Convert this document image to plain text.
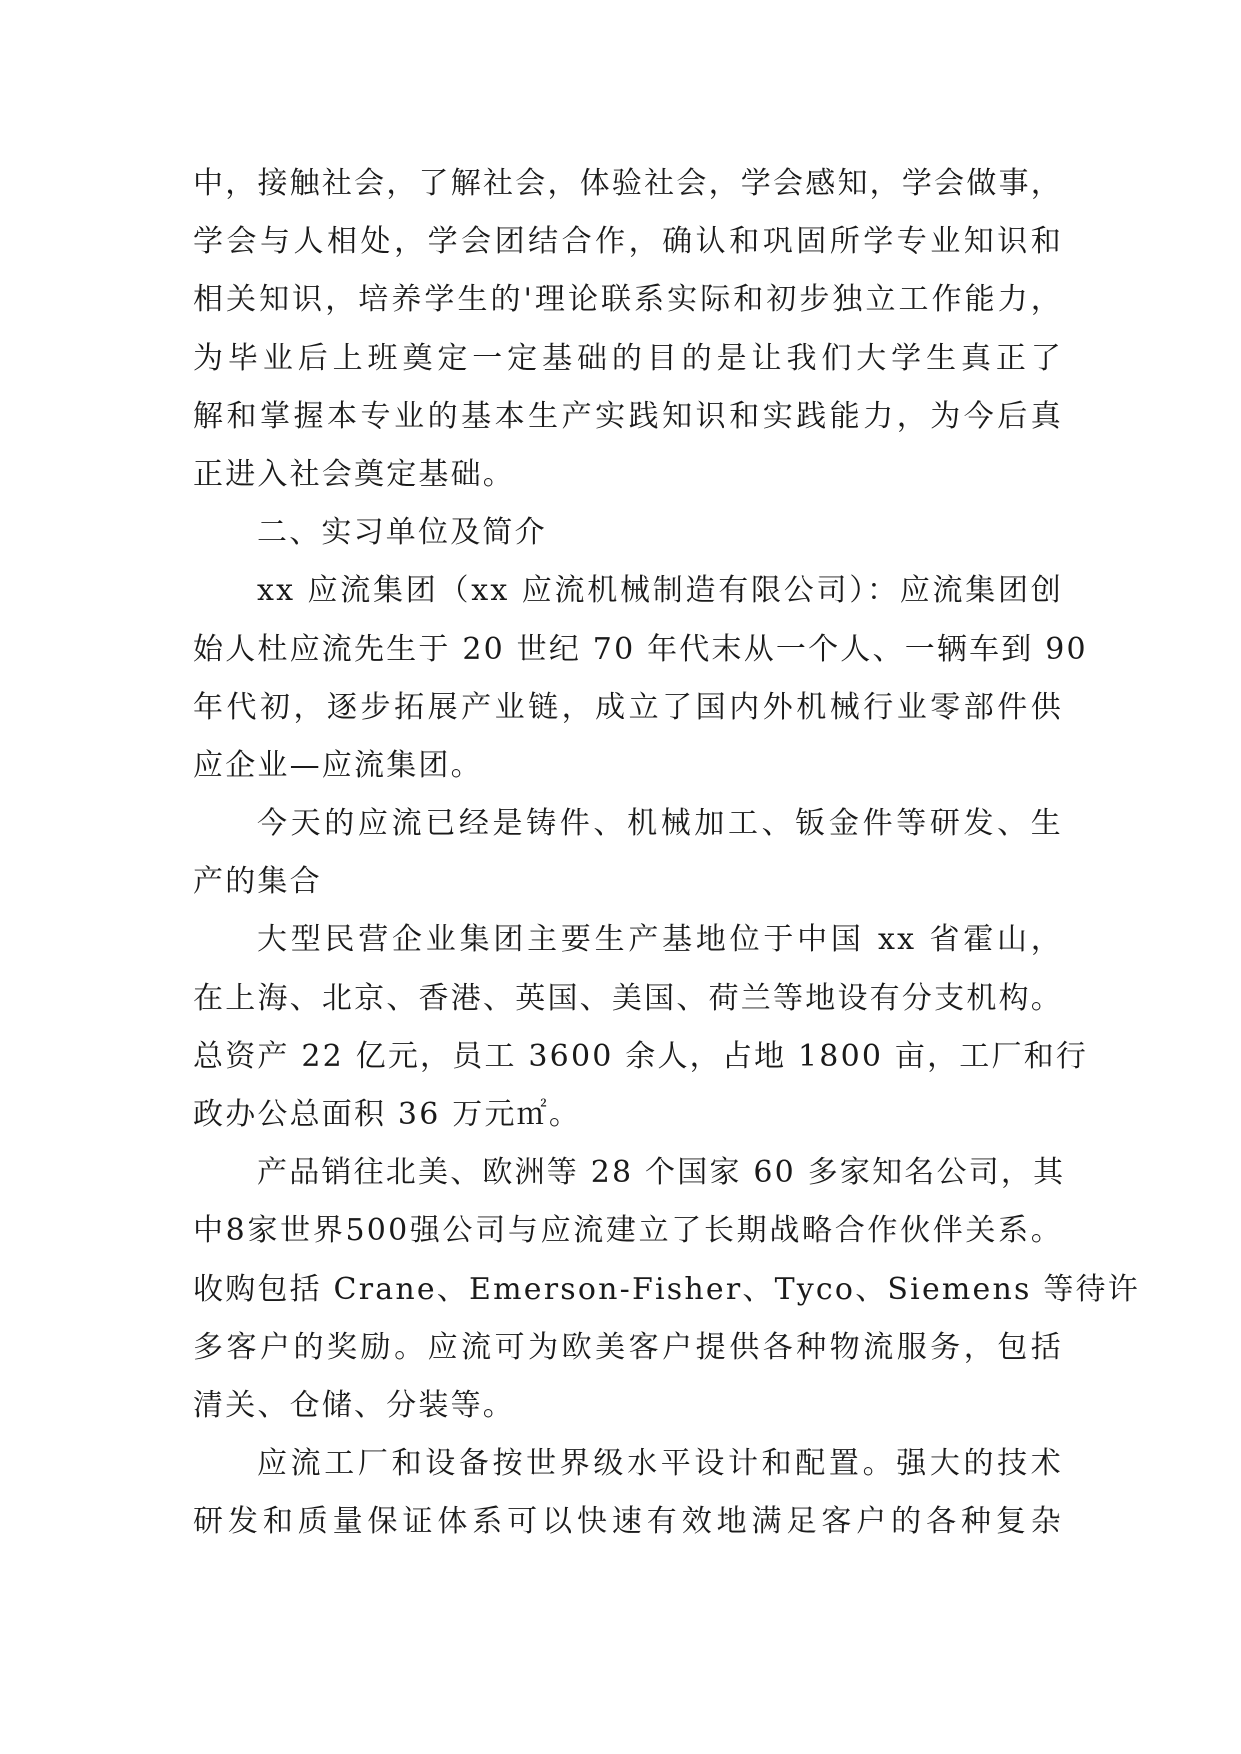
中，接触社会，了解社会，体验社会，学会感知，学会做事，
学会与人相处，学会团结合作，确认和巩固所学专业知识和
相关知识，培养学生的'理论联系实际和初步独立工作能力，
为毕业后上班奠定一定基础的目的是让我们大学生真正了
解和掌握本专业的基本生产实践知识和实践能力，为今后真
正进入社会奠定基础。
二、实习单位及简介
xx 应流集团（xx 应流机械制造有限公司）：应流集团创
始人杜应流先生于 20 世纪 70 年代末从一个人、一辆车到 90
年代初，逐步拓展产业链，成立了国内外机械行业零部件供
应企业—应流集团。
今天的应流已经是铸件、机械加工、钣金件等研发、生
产的集合
大型民营企业集团主要生产基地位于中国 xx 省霍山，
在上海、北京、香港、英国、美国、荷兰等地设有分支机构。
总资产 22 亿元，员工 3600 余人，占地 1800 亩，工厂和行
政办公总面积 36 万元㎡。
产品销往北美、欧洲等 28 个国家 60 多家知名公司，其
中8家世界500强公司与应流建立了长期战略合作伙伴关系。
收购包括 Crane、Emerson-Fisher、Tyco、Siemens 等待许
多客户的奖励。应流可为欧美客户提供各种物流服务，包括
清关、仓储、分装等。
应流工厂和设备按世界级水平设计和配置。强大的技术
研发和质量保证体系可以快速有效地满足客户的各种复杂
